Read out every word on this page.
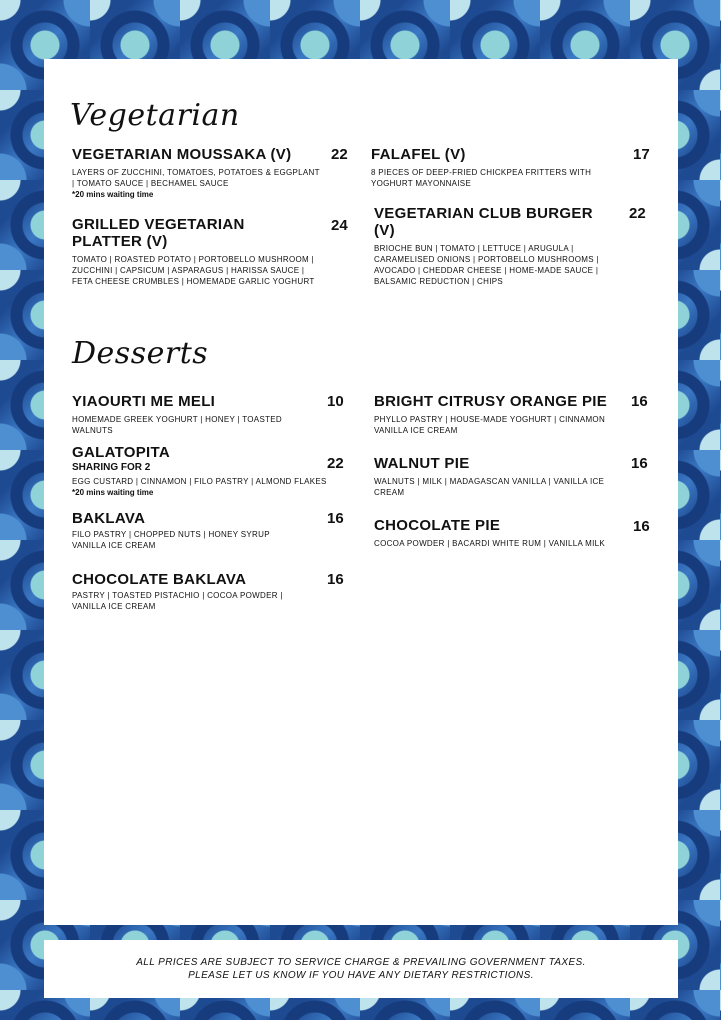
Vegetarian
VEGETARIAN MOUSSAKA (V)
LAYERS OF ZUCCHINI, TOMATOES, POTATOES & EGGPLANT | TOMATO SAUCE | BECHAMEL SAUCE
*20 mins waiting time
22
GRILLED VEGETARIAN PLATTER (V)
TOMATO | ROASTED POTATO | PORTOBELLO MUSHROOM | ZUCCHINI | CAPSICUM | ASPARAGUS | HARISSA SAUCE | FETA CHEESE CRUMBLES | HOMEMADE GARLIC YOGHURT
24
FALAFEL (V)
8 PIECES OF DEEP-FRIED CHICKPEA FRITTERS WITH YOGHURT MAYONNAISE
17
VEGETARIAN CLUB BURGER (V)
BRIOCHE BUN | TOMATO | LETTUCE | ARUGULA | CARAMELISED ONIONS | PORTOBELLO MUSHROOMS | AVOCADO | CHEDDAR CHEESE | HOME-MADE SAUCE | BALSAMIC REDUCTION | CHIPS
22
Desserts
YIAOURTI ME MELI
HOMEMADE GREEK YOGHURT | HONEY | TOASTED WALNUTS
10
GALATOPITA
SHARING FOR 2
EGG CUSTARD | CINNAMON | FILO PASTRY | ALMOND FLAKES
*20 mins waiting time
22
BAKLAVA
FILO PASTRY | CHOPPED NUTS | HONEY SYRUP VANILLA ICE CREAM
16
CHOCOLATE BAKLAVA
PASTRY | TOASTED PISTACHIO | COCOA POWDER | VANILLA ICE CREAM
16
BRIGHT CITRUSY ORANGE PIE
PHYLLO PASTRY | HOUSE-MADE YOGHURT | CINNAMON VANILLA ICE CREAM
16
WALNUT PIE
WALNUTS | MILK | MADAGASCAN VANILLA | VANILLA ICE CREAM
16
CHOCOLATE PIE
COCOA POWDER | BACARDI WHITE RUM | VANILLA MILK
16
ALL PRICES ARE SUBJECT TO SERVICE CHARGE & PREVAILING GOVERNMENT TAXES.
PLEASE LET US KNOW IF YOU HAVE ANY DIETARY RESTRICTIONS.
